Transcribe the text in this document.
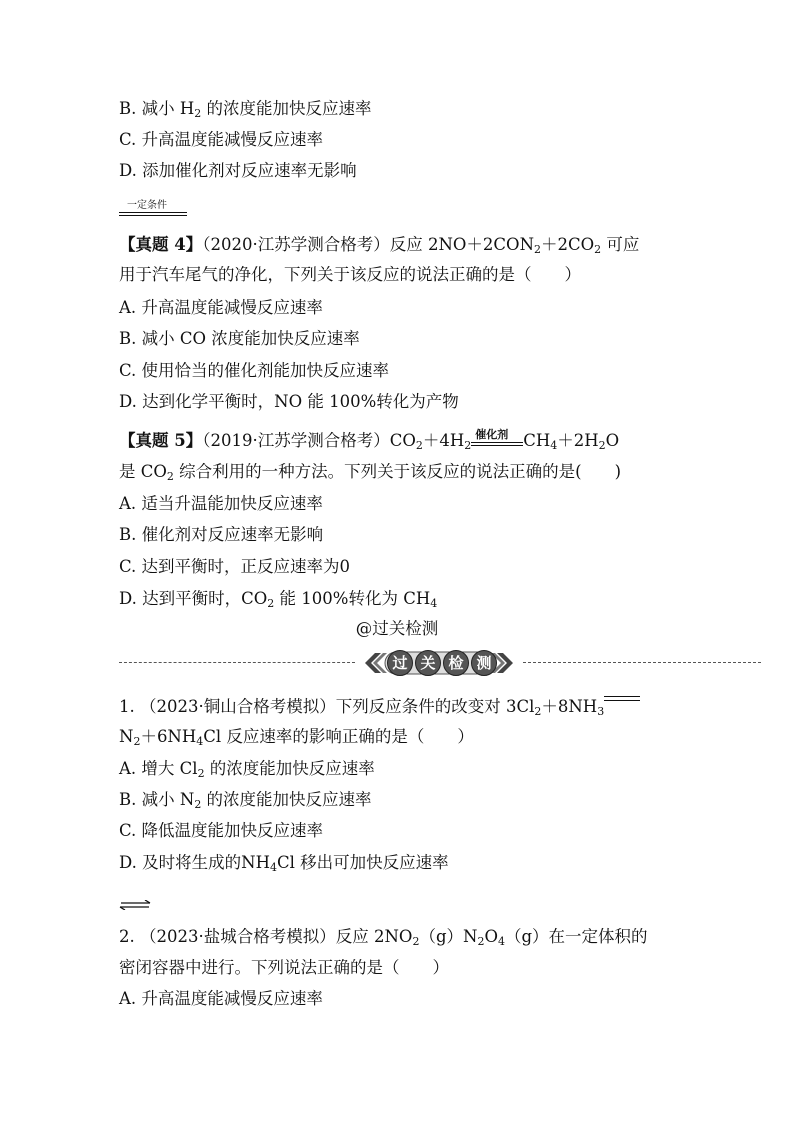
B. 减小 $H_2$ 的浓度能加快反应速率
C. 升高温度能减慢反应速率
D. 添加催化剂对反应速率无影响
一定条件
【真题 4】（2020·江苏学测合格考）反应 $2NO+2CON_2+2CO_2$ 可应
用于汽车尾气的净化，下列关于该反应的说法正确的是（　　）
A. 升高温度能减慢反应速率
B. 减小 CO 浓度能加快反应速率
C. 使用恰当的催化剂能加快反应速率
D. 达到化学平衡时，NO 能 100%转化为产物
【真题 5】（2019·江苏学测合格考）$CO_2+4H_2$
催化剂 $CH_4+2H_2O$
是 $CO_2$ 综合利用的一种方法。下列关于该反应的说法正确的是(　　)
A. 适当升温能加快反应速率
B. 催化剂对反应速率无影响
C. 达到平衡时，正反应速率为0
D. 达到平衡时，$CO_2$ 能 100%转化为 $CH_4$
@过关检测
过 关 检 测
1. （2023·铜山合格考模拟）下列反应条件的改变对 $3Cl_2+8NH_3$
$N_2+6NH_4Cl$ 反应速率的影响正确的是（　　）
A. 增大 $Cl_2$ 的浓度能加快反应速率
B. 减小 $N_2$ 的浓度能加快反应速率
C. 降低温度能加快反应速率
D. 及时将生成的$NH_4Cl$ 移出可加快反应速率
2. （2023·盐城合格考模拟）反应 $2NO_2(g)N_2O_4(g)$在一定体积的
密闭容器中进行。下列说法正确的是（　　）
A. 升高温度能减慢反应速率
